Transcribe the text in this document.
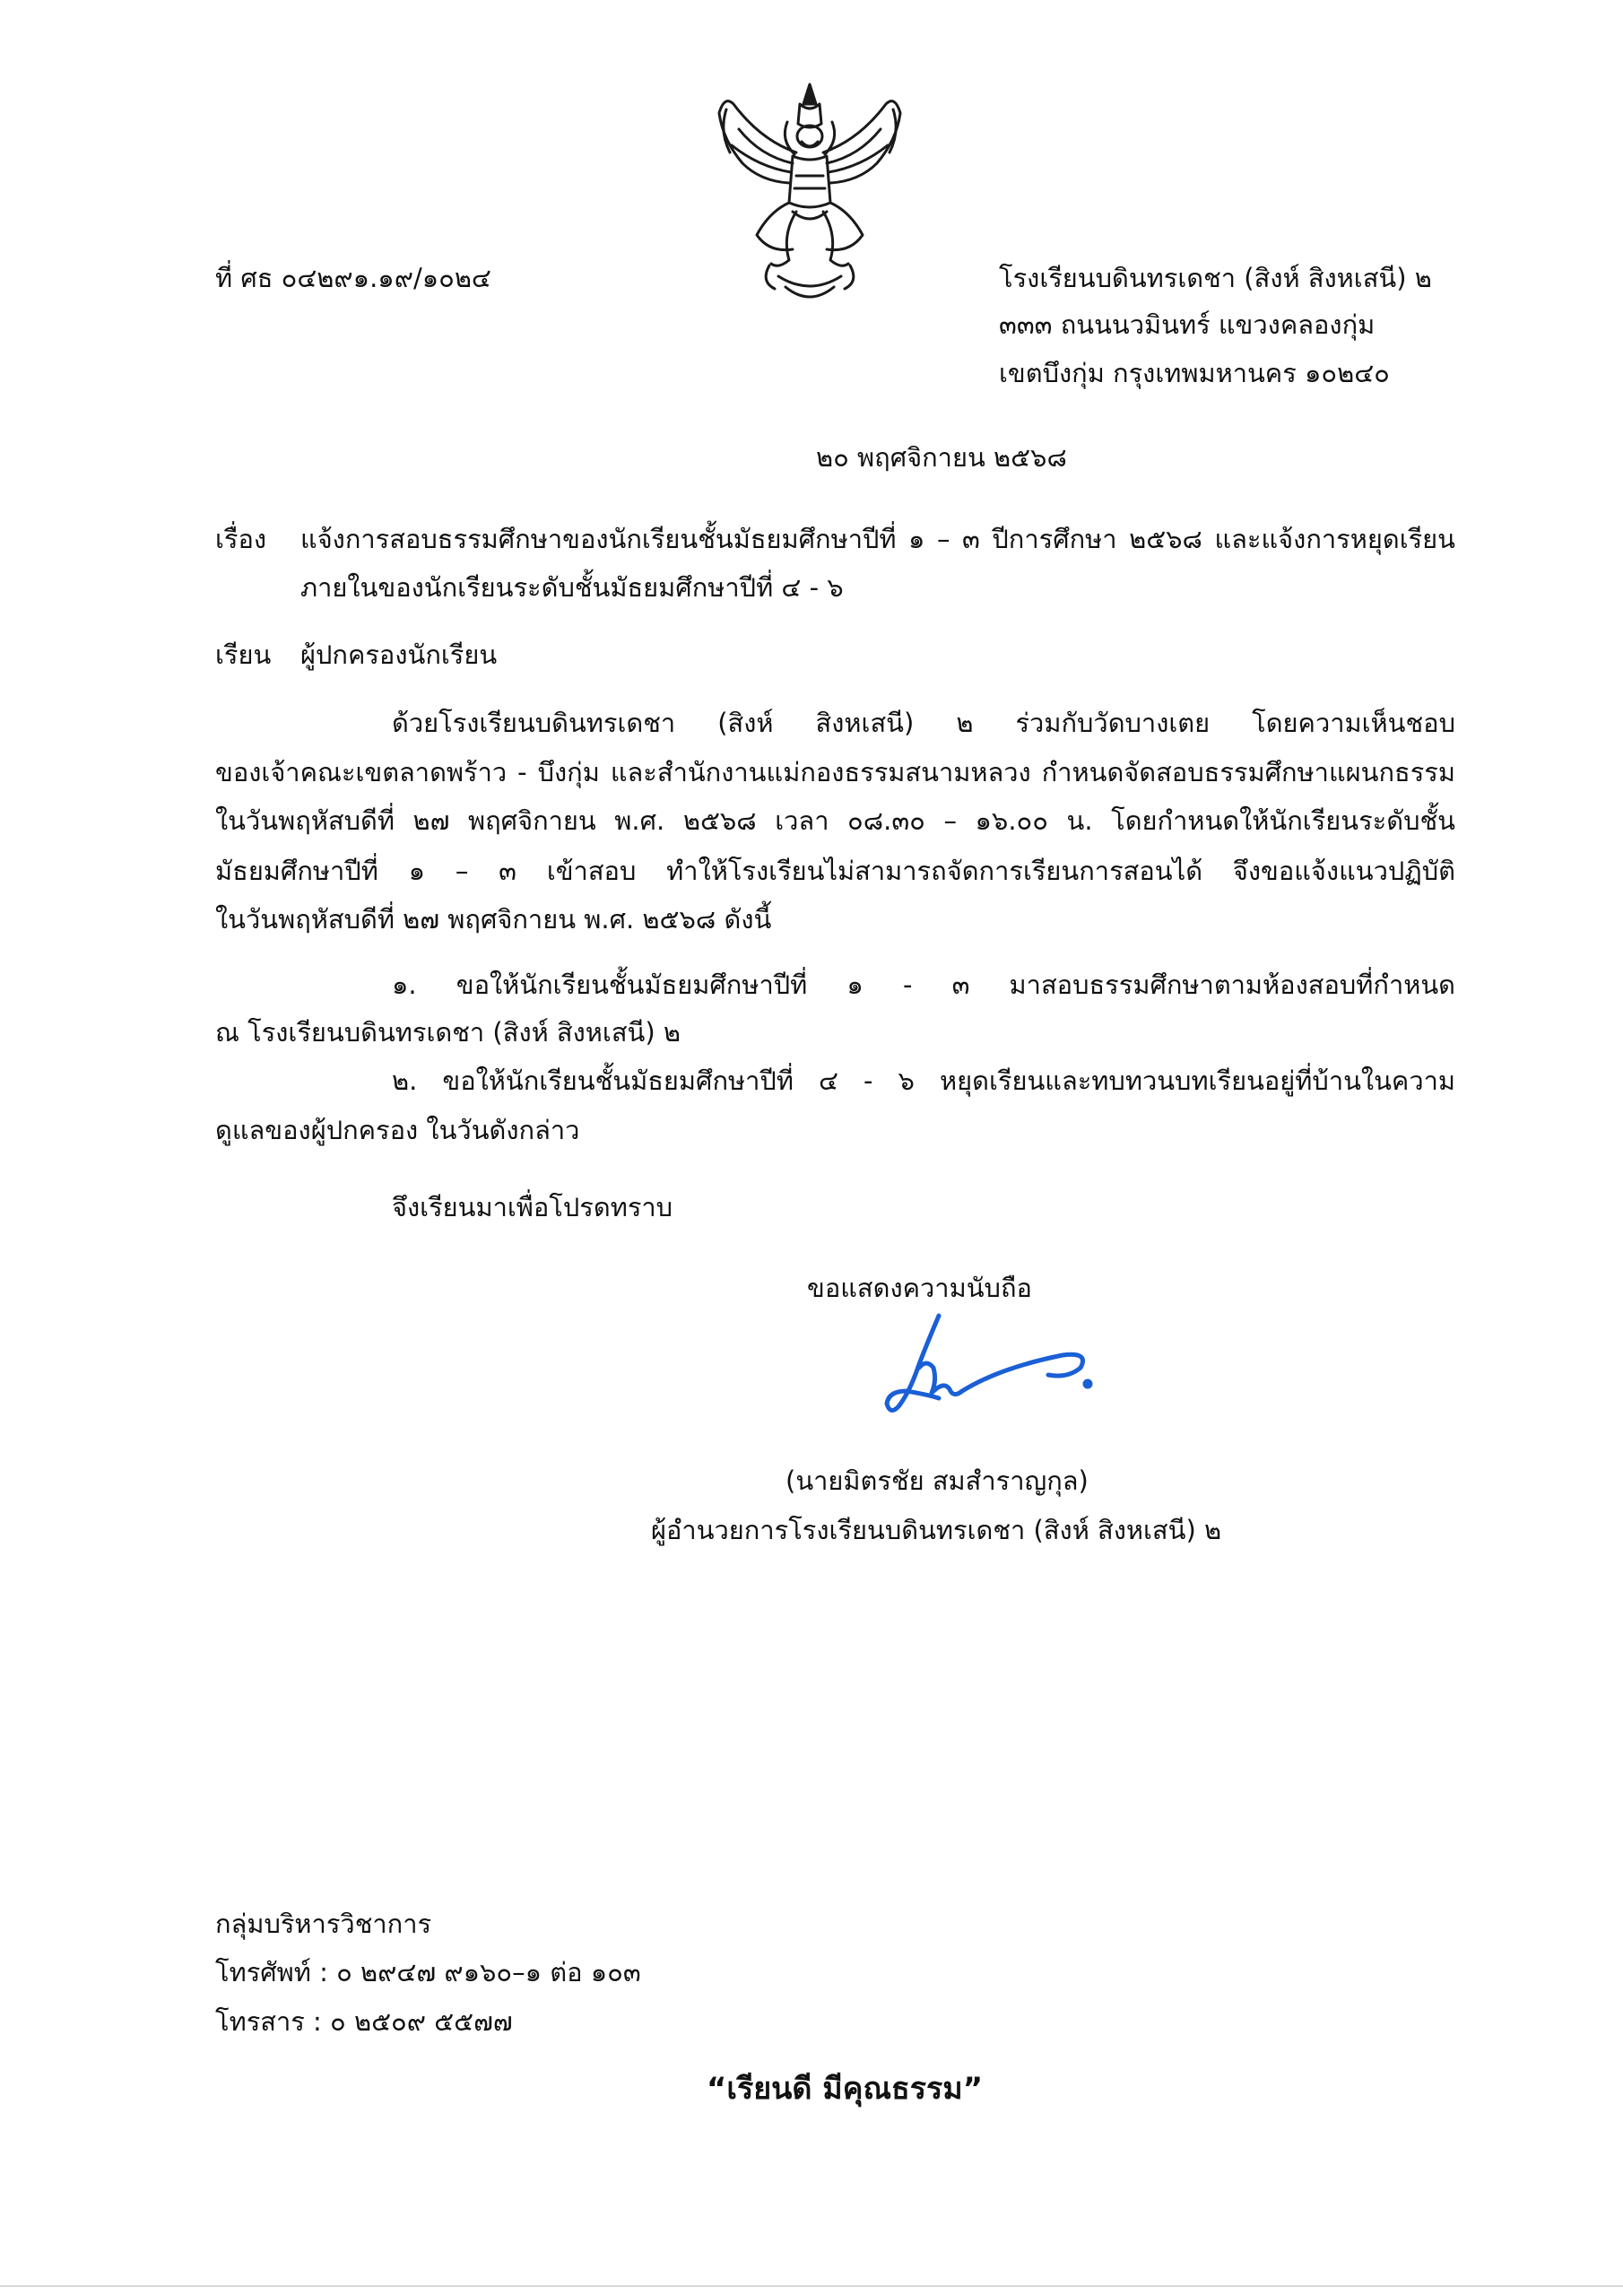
ที่ ศธ ๐๔๒๙๑.๑๙/๑๐๒๔	โรงเรียนบดินทรเดชา (สิงห์ สิงหเสนี) ๒
๓๓๓ ถนนนวมินทร์ แขวงคลองกุ่ม
เขตบึงกุ่ม กรุงเทพมหานคร ๑๐๒๔๐
๒๐ พฤศจิกายน ๒๕๖๘
เรื่อง แจ้งการสอบธรรมศึกษาของนักเรียนชั้นมัธยมศึกษาปีที่ ๑ – ๓ ปีการศึกษา ๒๕๖๘ และแจ้งการหยุดเรียน
ภายในของนักเรียนระดับชั้นมัธยมศึกษาปีที่ ๔ - ๖
เรียน ผู้ปกครองนักเรียน
ด้วยโรงเรียนบดินทรเดชา (สิงห์ สิงหเสนี) ๒ ร่วมกับวัดบางเตย โดยความเห็นชอบ
ของเจ้าคณะเขตลาดพร้าว - บึงกุ่ม และสำนักงานแม่กองธรรมสนามหลวง กำหนดจัดสอบธรรมศึกษาแผนกธรรม
ในวันพฤหัสบดีที่ ๒๗ พฤศจิกายน พ.ศ. ๒๕๖๘ เวลา ๐๘.๓๐ – ๑๖.๐๐ น. โดยกำหนดให้นักเรียนระดับชั้น
มัธยมศึกษาปีที่ ๑ – ๓ เข้าสอบ ทำให้โรงเรียนไม่สามารถจัดการเรียนการสอนได้ จึงขอแจ้งแนวปฏิบัติ
ในวันพฤหัสบดีที่ ๒๗ พฤศจิกายน พ.ศ. ๒๕๖๘ ดังนี้
๑. ขอให้นักเรียนชั้นมัธยมศึกษาปีที่ ๑ - ๓ มาสอบธรรมศึกษาตามห้องสอบที่กำหนด
ณ โรงเรียนบดินทรเดชา (สิงห์ สิงหเสนี) ๒
๒. ขอให้นักเรียนชั้นมัธยมศึกษาปีที่ ๔ - ๖ หยุดเรียนและทบทวนบทเรียนอยู่ที่บ้านในความ
ดูแลของผู้ปกครอง ในวันดังกล่าว
จึงเรียนมาเพื่อโปรดทราบ
ขอแสดงความนับถือ
(นายมิตรชัย สมสำราญกุล)
ผู้อำนวยการโรงเรียนบดินทรเดชา (สิงห์ สิงหเสนี) ๒
กลุ่มบริหารวิชาการ
โทรศัพท์ : ๐ ๒๙๔๗ ๙๑๖๐–๑ ต่อ ๑๐๓
โทรสาร : ๐ ๒๕๐๙ ๕๕๗๗
“เรียนดี มีคุณธรรม”
